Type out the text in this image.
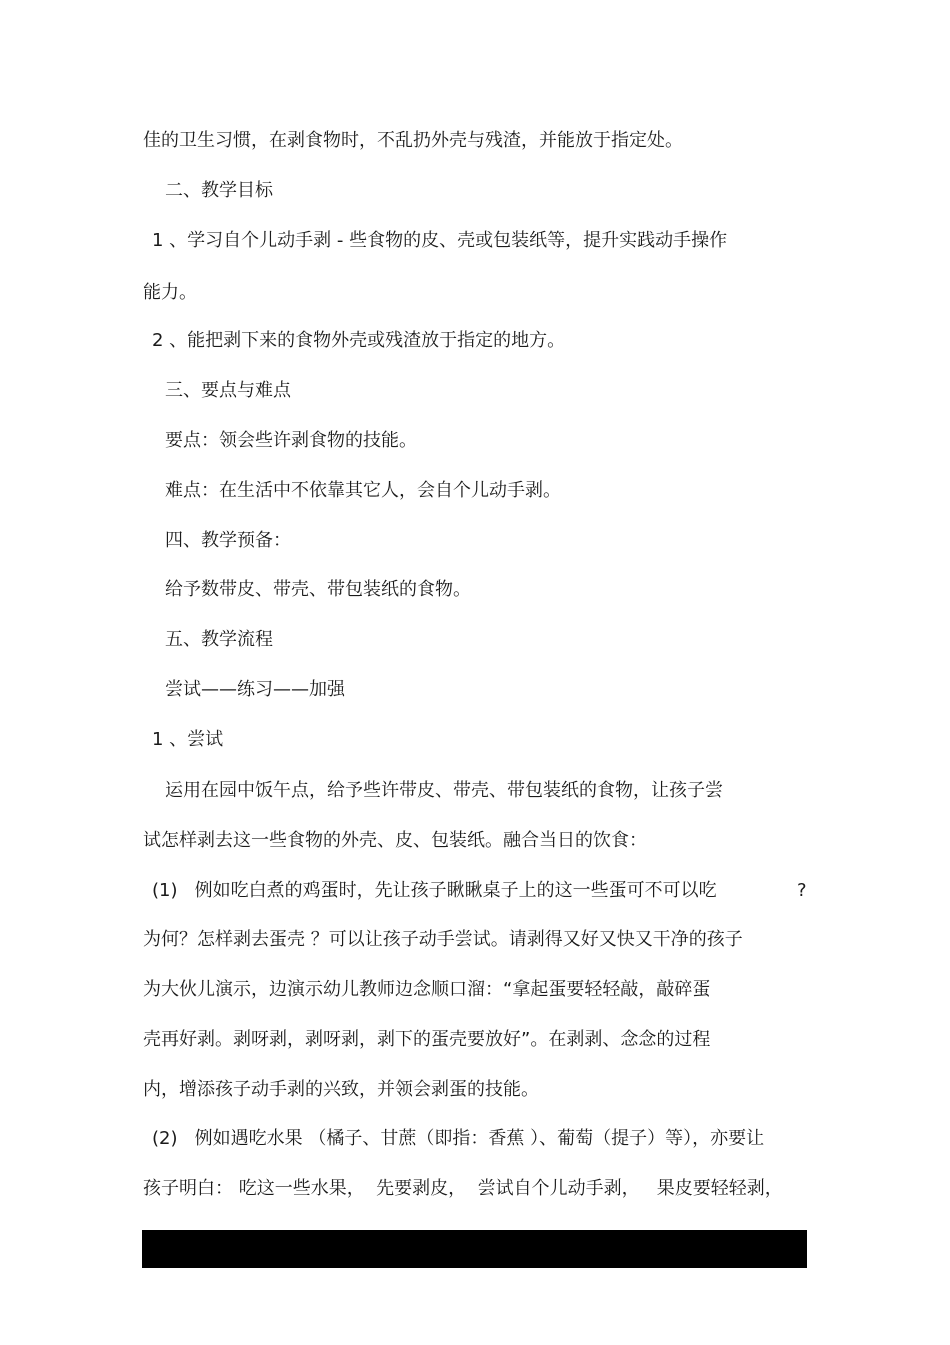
佳的卫生习惯，在剥食物时，不乱扔外壳与残渣，并能放于指定处。
二、教学目标
1 、学习自个儿动手剥 - 些食物的皮、壳或包装纸等，提升实践动手操作
能力。
2 、能把剥下来的食物外壳或残渣放于指定的地方。
三、要点与难点
要点：领会些许剥食物的技能。
难点：在生活中不依靠其它人，会自个儿动手剥。
四、教学预备：
给予数带皮、带壳、带包装纸的食物。
五、教学流程
尝试——练习——加强
1 、尝试
运用在园中饭午点，给予些许带皮、带壳、带包装纸的食物，让孩子尝
试怎样剥去这一些食物的外壳、皮、包装纸。融合当日的饮食：
(1)   例如吃白煮的鸡蛋时，先让孩子瞅瞅桌子上的这一些蛋可不可以吃	?
为何？怎样剥去蛋壳 ？可以让孩子动手尝试。请剥得又好又快又干净的孩子
为大伙儿演示，边演示幼儿教师边念顺口溜：“拿起蛋要轻轻敲，敲碎蛋
壳再好剥。剥呀剥，剥呀剥，剥下的蛋壳要放好”。在剥剥、念念的过程
内，增添孩子动手剥的兴致，并领会剥蛋的技能。
(2)   例如遇吃水果 （橘子、甘蔗（即指：香蕉 ）、葡萄（提子）等），亦要让
孩子明白： 吃这一些水果，  先要剥皮，  尝试自个儿动手剥，   果皮要轻轻剥，
